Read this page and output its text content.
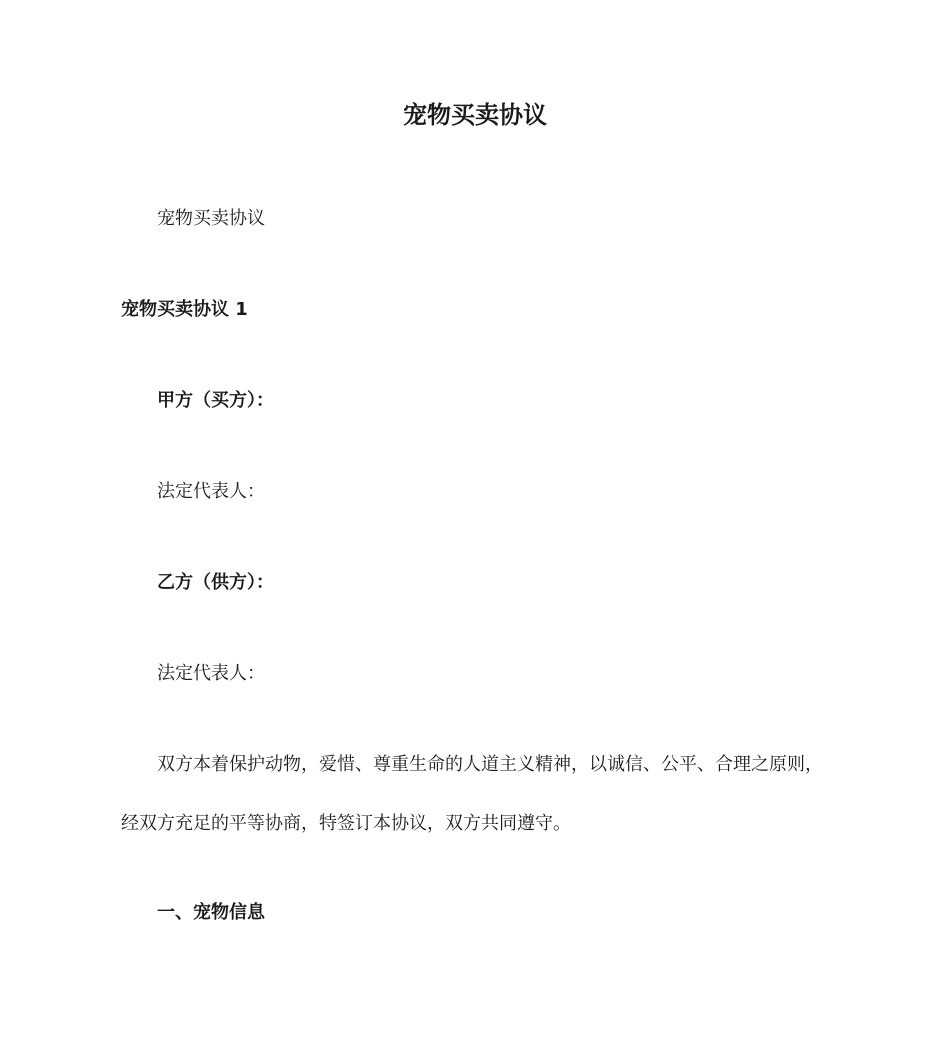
宠物买卖协议
宠物买卖协议
宠物买卖协议 1
甲方（买方）：
法定代表人：
乙方（供方）：
法定代表人：
双方本着保护动物，爱惜、尊重生命的人道主义精神，以诚信、公平、合理之原则，
经双方充足的平等协商，特签订本协议，双方共同遵守。
一、宠物信息
